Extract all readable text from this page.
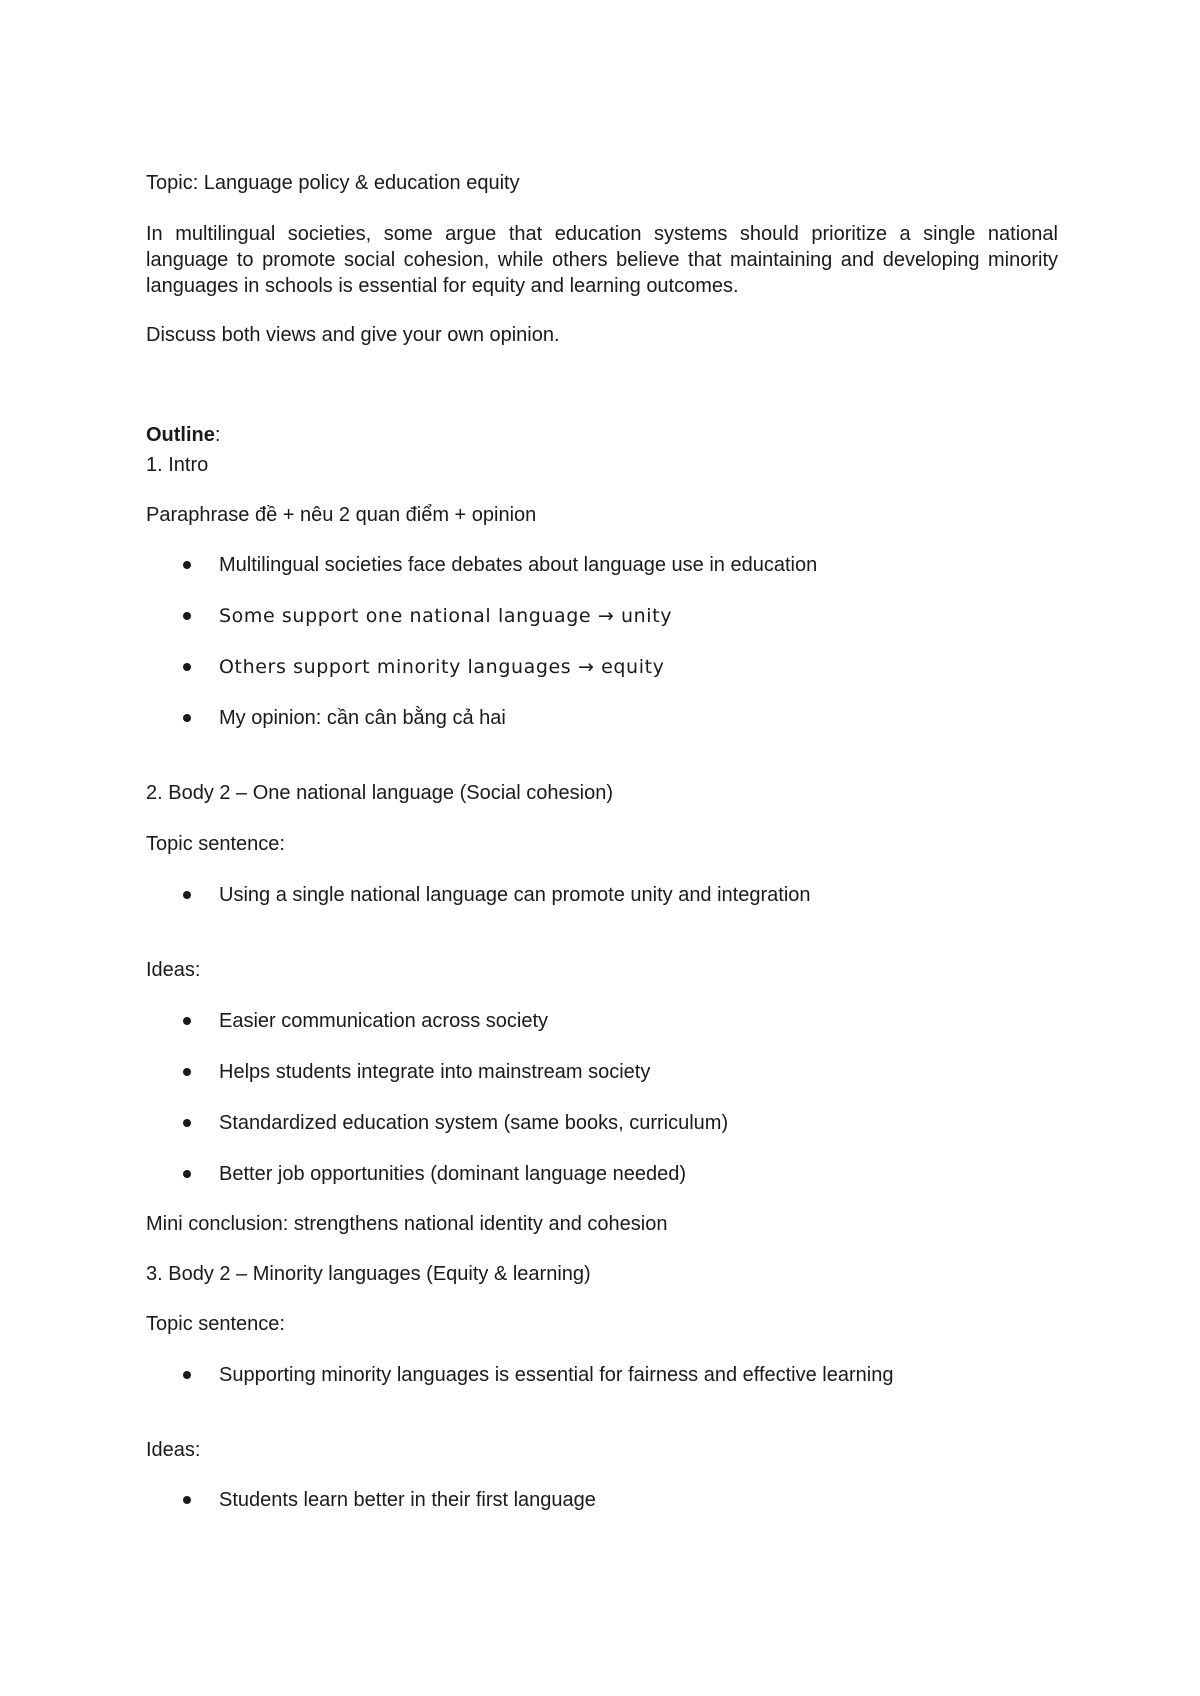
Topic: Language policy & education equity

In multilingual societies, some argue that education systems should prioritize a single national language to promote social cohesion, while others believe that maintaining and developing minority languages in schools is essential for equity and learning outcomes.

Discuss both views and give your own opinion.

Outline:

1. Intro

Paraphrase đề + nêu 2 quan điểm + opinion

Multilingual societies face debates about language use in education
Some support one national language → unity
Others support minority languages → equity
My opinion: cần cân bằng cả hai

2. Body 2 – One national language (Social cohesion)

Topic sentence:

Using a single national language can promote unity and integration

Ideas:

Easier communication across society
Helps students integrate into mainstream society
Standardized education system (same books, curriculum)
Better job opportunities (dominant language needed)

Mini conclusion: strengthens national identity and cohesion

3. Body 2 – Minority languages (Equity & learning)

Topic sentence:

Supporting minority languages is essential for fairness and effective learning

Ideas:

Students learn better in their first language
